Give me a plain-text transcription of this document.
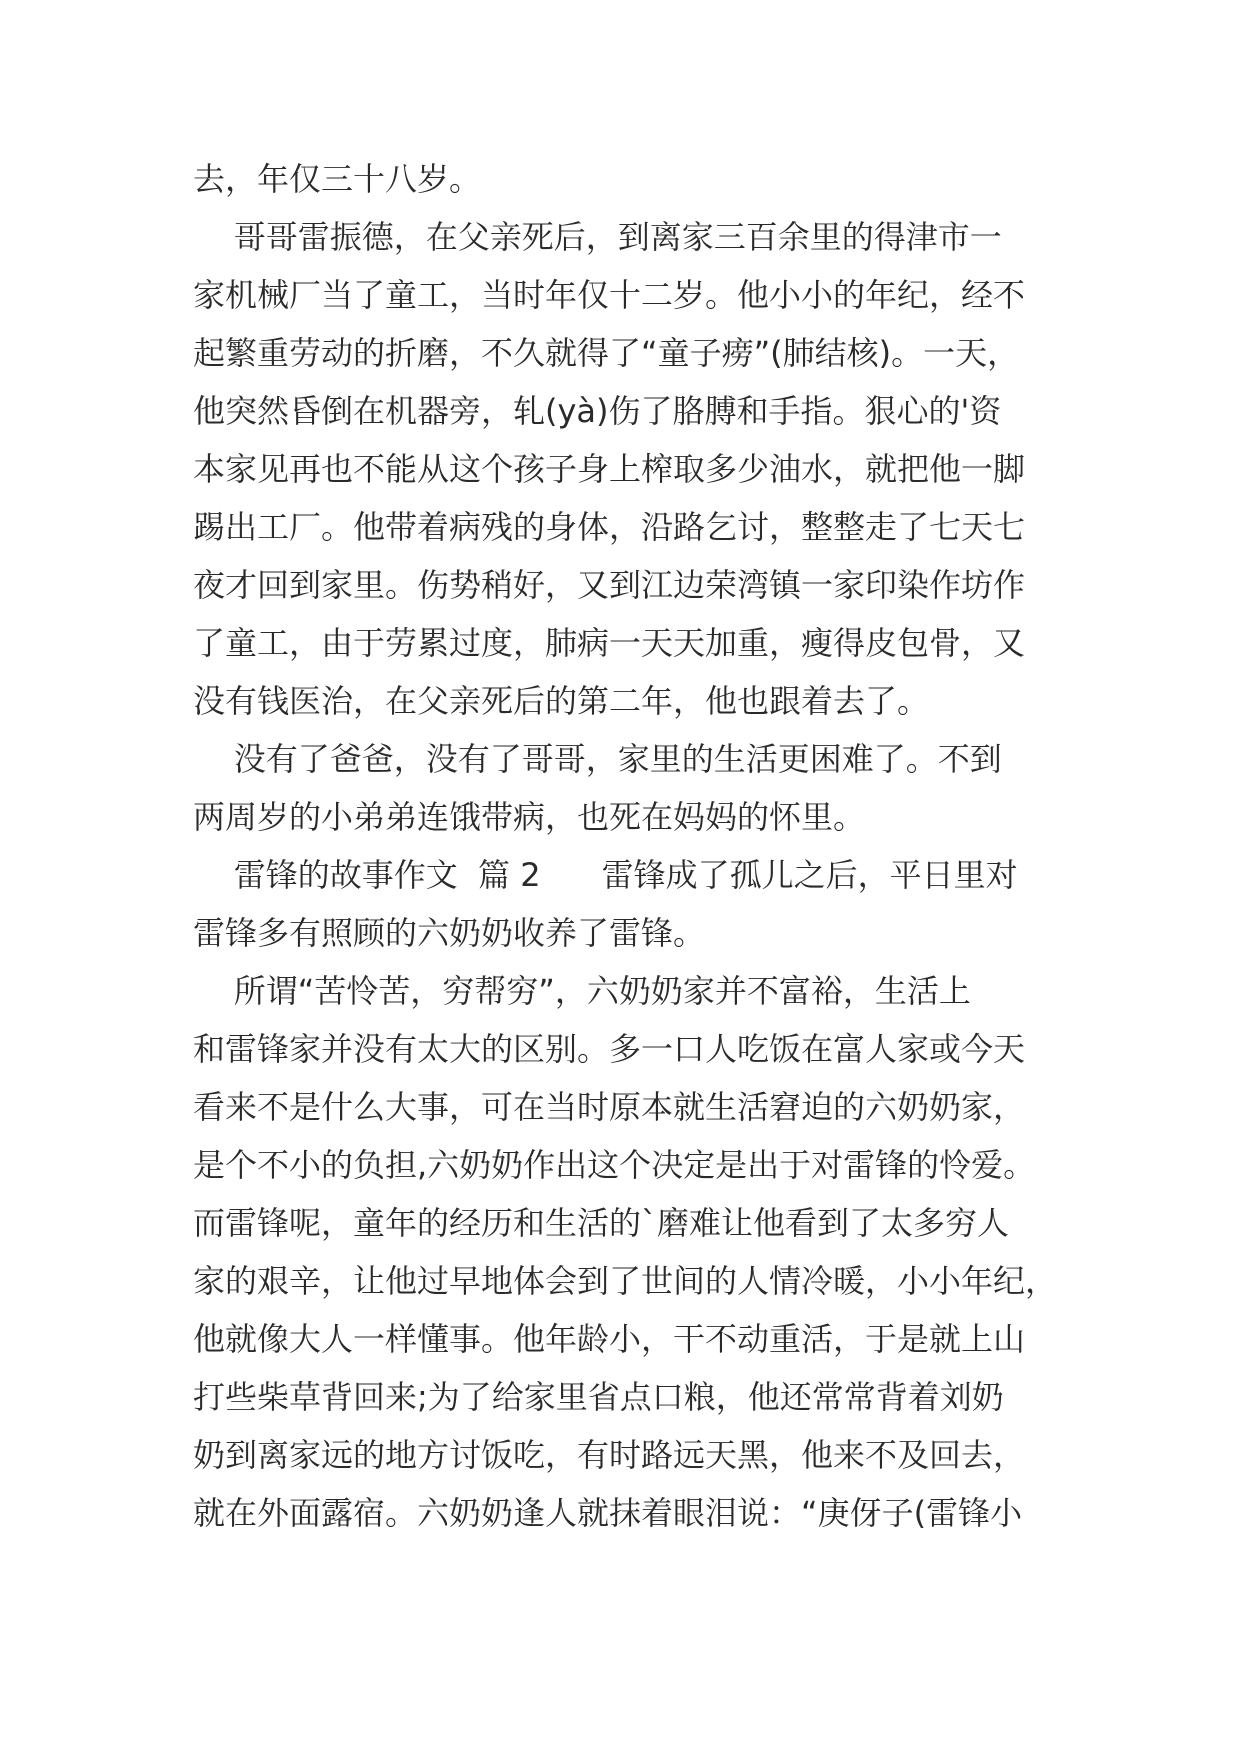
去，年仅三十八岁。
哥哥雷振德，在父亲死后，到离家三百余里的得津市一
家机械厂当了童工，当时年仅十二岁。他小小的年纪，经不
起繁重劳动的折磨，不久就得了“童子痨”(肺结核)。一天，
他突然昏倒在机器旁，轧(yà)伤了胳膊和手指。狠心的'资
本家见再也不能从这个孩子身上榨取多少油水，就把他一脚
踢出工厂。他带着病残的身体，沿路乞讨，整整走了七天七
夜才回到家里。伤势稍好，又到江边荣湾镇一家印染作坊作
了童工，由于劳累过度，肺病一天天加重，瘦得皮包骨，又
没有钱医治，在父亲死后的第二年，他也跟着去了。
没有了爸爸，没有了哥哥，家里的生活更困难了。不到
两周岁的小弟弟连饿带病，也死在妈妈的怀里。
雷锋的故事作文  篇 2      雷锋成了孤儿之后，平日里对
雷锋多有照顾的六奶奶收养了雷锋。
所谓“苦怜苦，穷帮穷”，六奶奶家并不富裕，生活上
和雷锋家并没有太大的区别。多一口人吃饭在富人家或今天
看来不是什么大事，可在当时原本就生活窘迫的六奶奶家，
是个不小的负担,六奶奶作出这个决定是出于对雷锋的怜爱。
而雷锋呢，童年的经历和生活的`磨难让他看到了太多穷人
家的艰辛，让他过早地体会到了世间的人情冷暖，小小年纪，
他就像大人一样懂事。他年龄小，干不动重活，于是就上山
打些柴草背回来;为了给家里省点口粮，他还常常背着刘奶
奶到离家远的地方讨饭吃，有时路远天黑，他来不及回去，
就在外面露宿。六奶奶逢人就抹着眼泪说：“庚伢子(雷锋小
